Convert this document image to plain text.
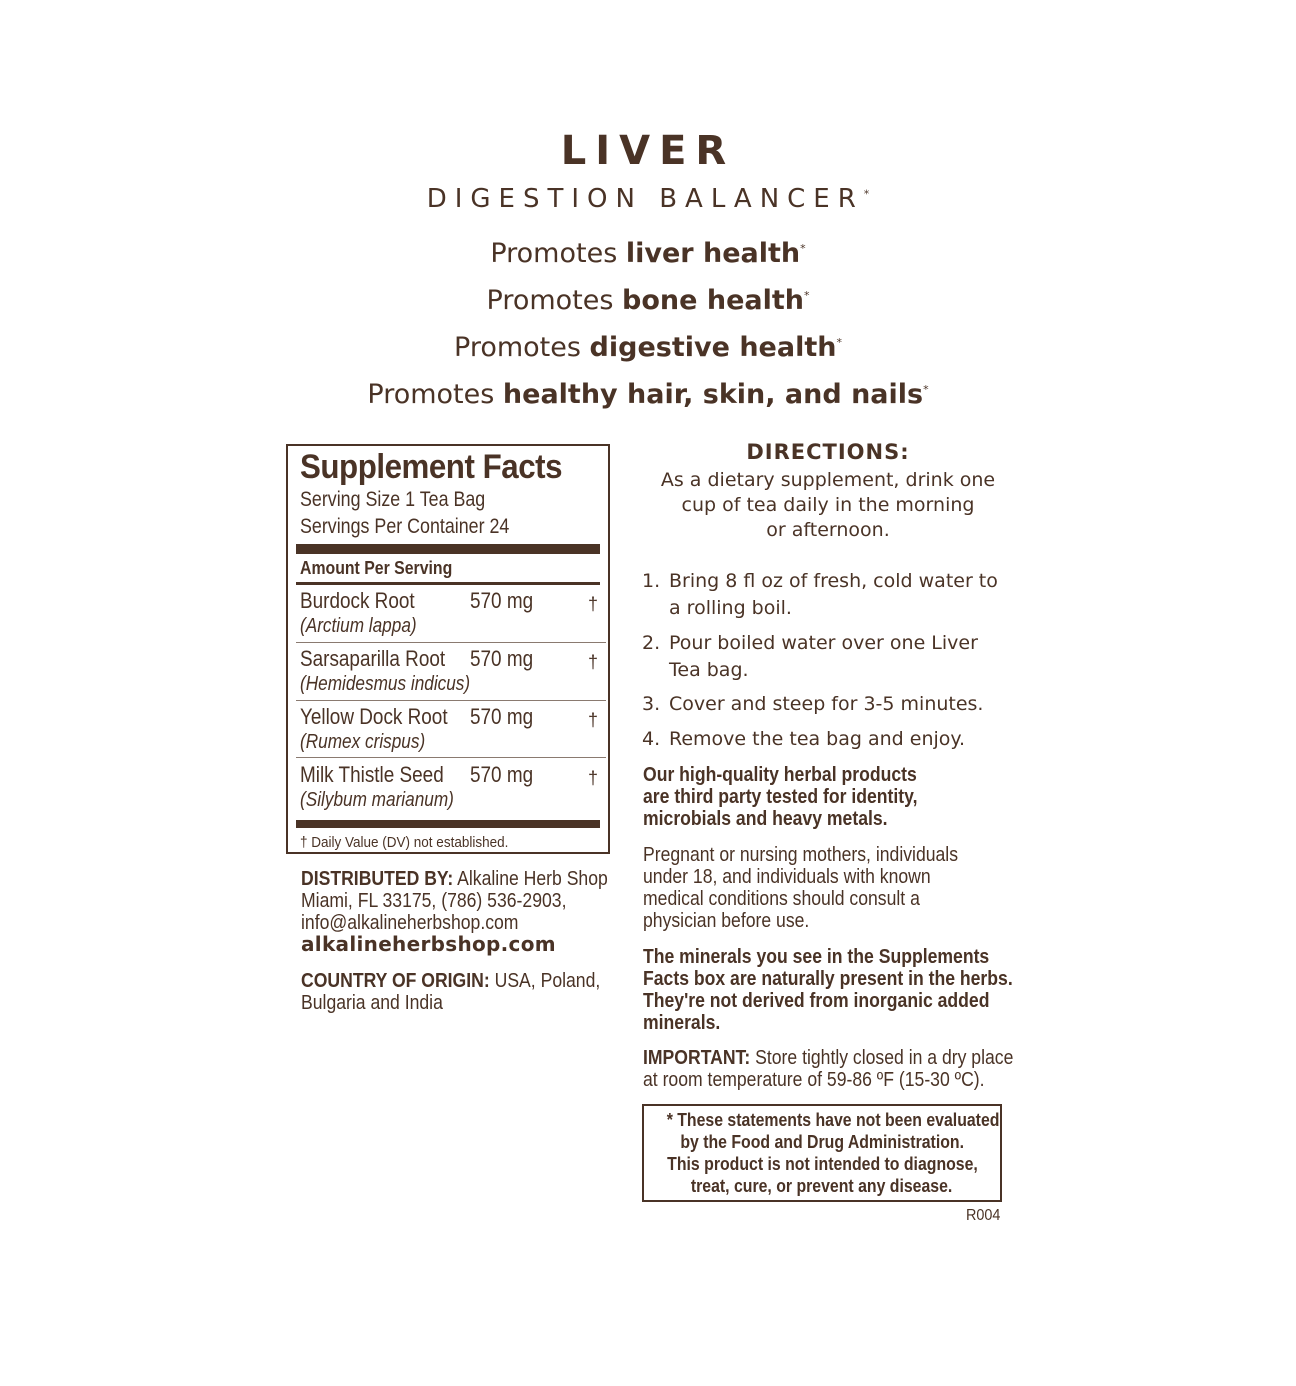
LIVER
DIGESTION BALANCER*
Promotes liver health*
Promotes bone health*
Promotes digestive health*
Promotes healthy hair, skin, and nails*
Supplement Facts
Serving Size 1 Tea Bag
Servings Per Container 24
Amount Per Serving
Burdock Root	570 mg	†
(Arctium lappa)
Sarsaparilla Root 570 mg	†
(Hemidesmus indicus)
Yellow Dock Root 570 mg	†
(Rumex crispus)
Milk Thistle Seed 570 mg	†
(Silybum marianum)
† Daily Value (DV) not established.
DISTRIBUTED BY: Alkaline Herb Shop
Miami, FL 33175, (786) 536-2903,
info@alkalineherbshop.com
alkalineherbshop.com
COUNTRY OF ORIGIN: USA, Poland,
Bulgaria and India
DIRECTIONS:
As a dietary supplement, drink one
cup of tea daily in the morning
or afternoon.
1. Bring 8 fl oz of fresh, cold water to
a rolling boil.
2. Pour boiled water over one Liver
Tea bag.
3. Cover and steep for 3-5 minutes.
4. Remove the tea bag and enjoy.
Our high-quality herbal products
are third party tested for identity,
microbials and heavy metals.
Pregnant or nursing mothers, individuals
under 18, and individuals with known
medical conditions should consult a
physician before use.
The minerals you see in the Supplements
Facts box are naturally present in the herbs.
They're not derived from inorganic added
minerals.
IMPORTANT: Store tightly closed in a dry place
at room temperature of 59-86 ºF (15-30 ºC).
* These statements have not been evaluated
by the Food and Drug Administration.
This product is not intended to diagnose,
treat, cure, or prevent any disease.
R004
